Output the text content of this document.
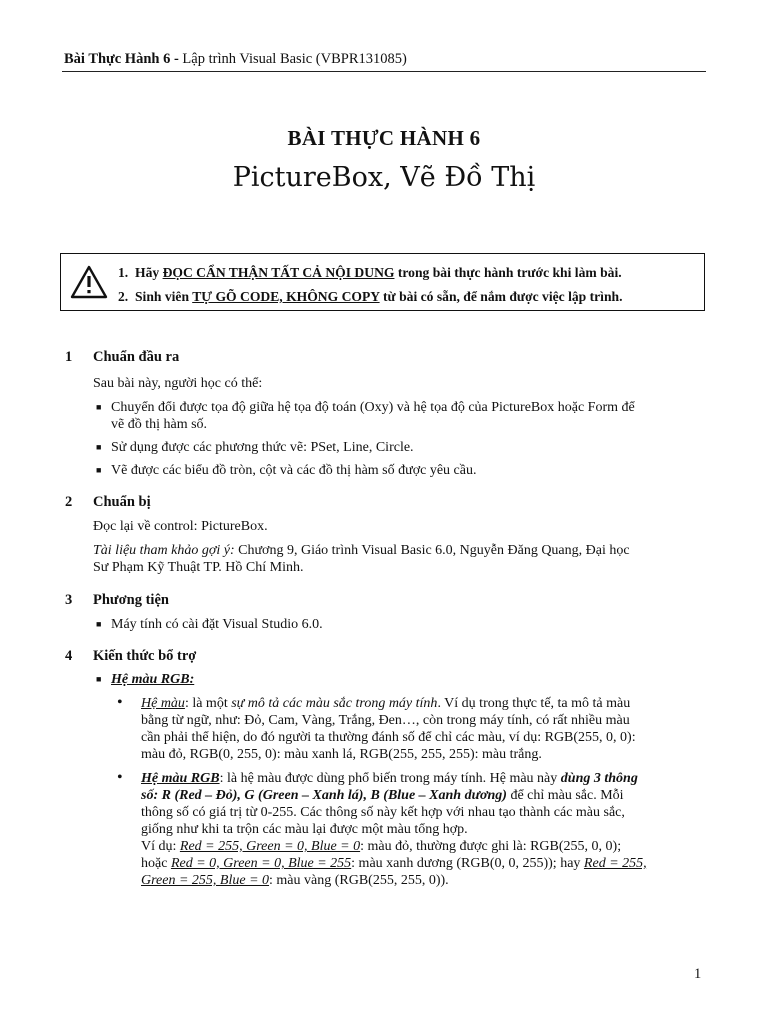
Bài Thực Hành 6 - Lập trình Visual Basic (VBPR131085)
BÀI THỰC HÀNH 6
PictureBox, Vẽ Đồ Thị
1. Hãy ĐỌC CẨN THẬN TẤT CẢ NỘI DUNG trong bài thực hành trước khi làm bài.
2. Sinh viên TỰ GÕ CODE, KHÔNG COPY từ bài có sẵn, để nắm được việc lập trình.
1 Chuẩn đầu ra
Sau bài này, người học có thể:
■ Chuyển đổi được tọa độ giữa hệ tọa độ toán (Oxy) và hệ tọa độ của PictureBox hoặc Form để
vẽ đồ thị hàm số.
■ Sử dụng được các phương thức vẽ: PSet, Line, Circle.
■ Vẽ được các biểu đồ tròn, cột và các đồ thị hàm số được yêu cầu.
2 Chuẩn bị
Đọc lại về control: PictureBox.
Tài liệu tham khảo gợi ý: Chương 9, Giáo trình Visual Basic 6.0, Nguyễn Đăng Quang, Đại học
Sư Phạm Kỹ Thuật TP. Hồ Chí Minh.
3 Phương tiện
■ Máy tính có cài đặt Visual Studio 6.0.
4 Kiến thức bổ trợ
■ Hệ màu RGB:
• Hệ màu: là một sự mô tả các màu sắc trong máy tính. Ví dụ trong thực tế, ta mô tả màu
bằng từ ngữ, như: Đỏ, Cam, Vàng, Trắng, Đen…, còn trong máy tính, có rất nhiều màu
cần phải thể hiện, do đó người ta thường đánh số để chỉ các màu, ví dụ: RGB(255, 0, 0):
màu đỏ, RGB(0, 255, 0): màu xanh lá, RGB(255, 255, 255): màu trắng.
• Hệ màu RGB: là hệ màu được dùng phổ biến trong máy tính. Hệ màu này dùng 3 thông
số: R (Red – Đỏ), G (Green – Xanh lá), B (Blue – Xanh dương) để chỉ màu sắc. Mỗi
thông số có giá trị từ 0-255. Các thông số này kết hợp với nhau tạo thành các màu sắc,
giống như khi ta trộn các màu lại được một màu tổng hợp.
Ví dụ: Red = 255, Green = 0, Blue = 0: màu đỏ, thường được ghi là: RGB(255, 0, 0);
hoặc Red = 0, Green = 0, Blue = 255: màu xanh dương (RGB(0, 0, 255)); hay Red = 255,
Green = 255, Blue = 0: màu vàng (RGB(255, 255, 0)).
1
